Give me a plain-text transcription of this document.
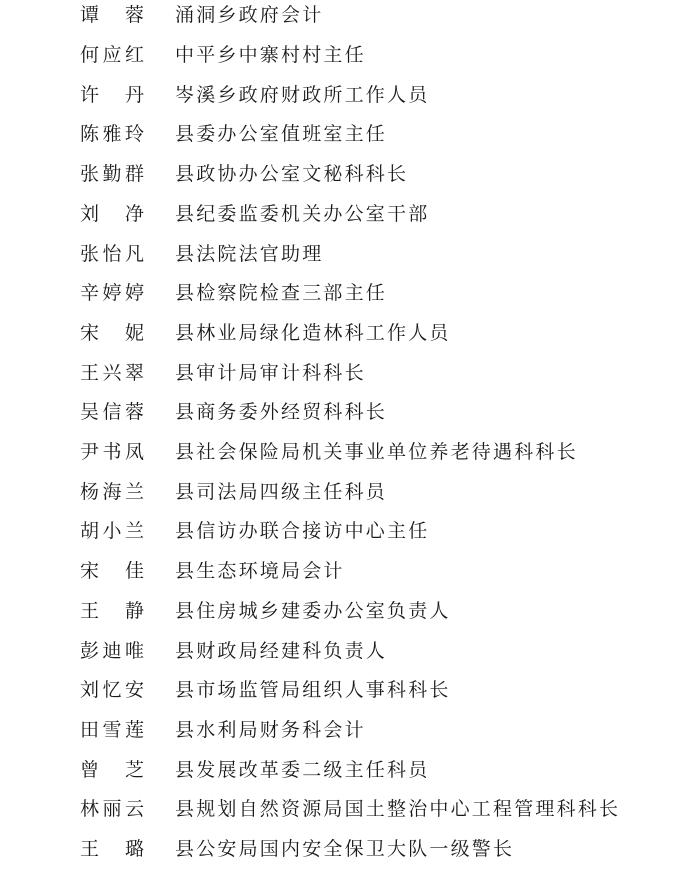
谭 蓉 涌洞乡政府会计
何 应 红 中平乡中寨村村主任
许 丹 岑溪乡政府财政所工作人员
陈 雅 玲 县委办公室值班室主任
张 勤 群 县政协办公室文秘科科长
刘 净 县纪委监委机关办公室干部
张 怡 凡 县法院法官助理
辛 婷 婷 县检察院检查三部主任
宋 妮 县林业局绿化造林科工作人员
王 兴 翠 县审计局审计科科长
吴 信 蓉 县商务委外经贸科科长
尹 书 凤 县社会保险局机关事业单位养老待遇科科长
杨 海 兰 县司法局四级主任科员
胡 小 兰 县信访办联合接访中心主任
宋 佳 县生态环境局会计
王 静 县住房城乡建委办公室负责人
彭 迪 唯 县财政局经建科负责人
刘 忆 安 县市场监管局组织人事科科长
田 雪 莲 县水利局财务科会计
曾 芝 县发展改革委二级主任科员
林 丽 云 县规划自然资源局国土整治中心工程管理科科长
王 璐 县公安局国内安全保卫大队一级警长
